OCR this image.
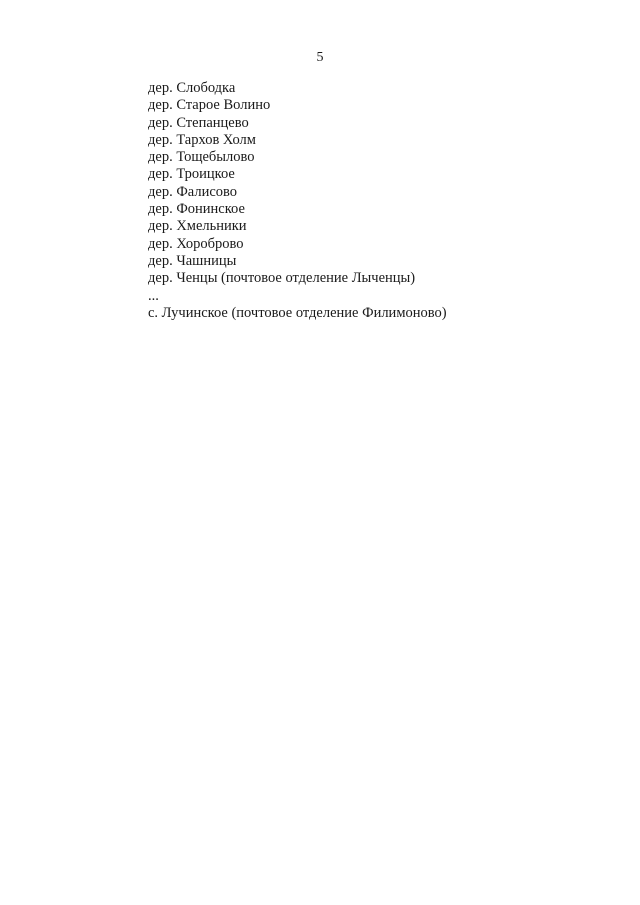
5
дер. Слободка
дер. Старое Волино
дер. Степанцево
дер. Тархов Холм
дер. Тощебылово
дер. Троицкое
дер. Фалисово
дер. Фонинское
дер. Хмельники
дер. Хороброво
дер. Чашницы
дер. Ченцы (почтовое отделение Лыченцы)
...
с. Лучинское (почтовое отделение Филимоново)
